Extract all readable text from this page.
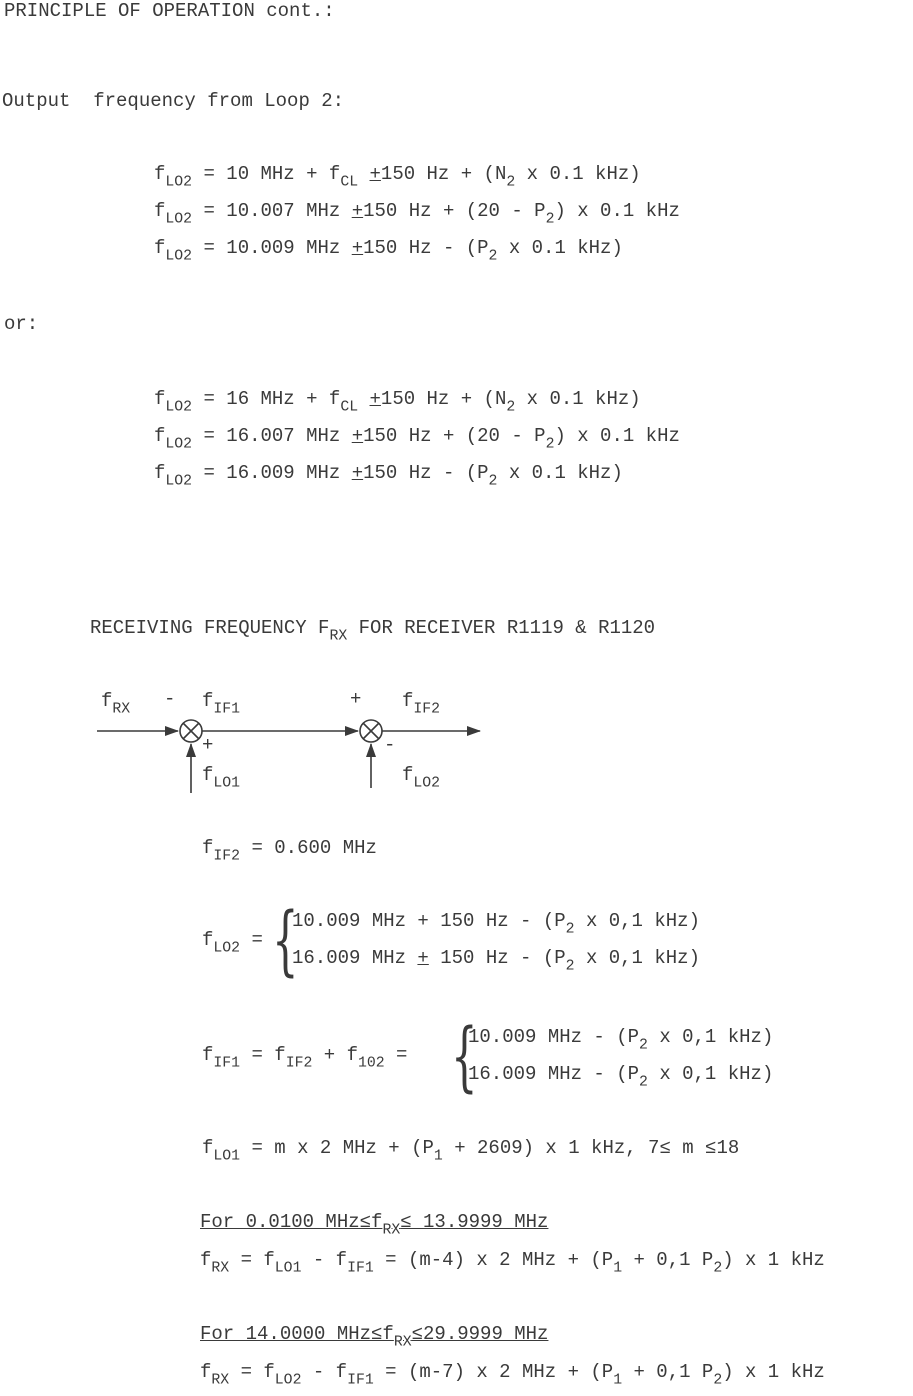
PRINCIPLE OF OPERATION cont.:
Output  frequency from Loop 2:
$f_{LO2} = 10$ MHz + $f_{CL} +150$ $Hz + (N_2$ x 0.1 kHz)
$f_{LO2} = 10.007$ MHz +150 $Hz + (20 - P_2)$ x 0.1 kHz
$f_{LO2} = 10.009$ MHz +150 Hz - ($P_2$ x 0.1 kHz)
or:
$f_{LO2} = 16$ MHz + $f_{CL} +150$ $Hz + (N_2$ x 0.1 kHz)
$f_{LO2} = 16.007$ MHz +150 $Hz + (20 - P_2)$ x 0.1 kHz
$f_{LO2} = 16.009$ MHz +150 Hz - ($P_2$ x 0.1 kHz)
RECEIVING FREQUENCY $F_{RX}$ FOR RECEIVER R1119 & R1120
$f_{RX} - f_{IF1}$	+ $f_{IF2}$
+	-
$f_{LO1}$	$f_{LO2}$
$f_{IF2} = 0.600$ MHz
$f_{LO2}$ = {
10.009 MHz + 150 Hz - ($P_2$ x 0,1 kHz)
16.009 MHz + 150 Hz - ($P_2$ x 0,1 kHz)
$f_{IF1} = f_{IF2} + f_{102}$ = {
10.009 MHz - ($P_2$ x 0,1 kHz)
16.009 MHz - ($P_2$ x 0,1 kHz)
$f_{LO1} = m$ x 2 MHz + $(P_1 + 2609)$ x 1 kHz, 7≤ m ≤18
For 0.0100 $MHz\le f_{RX}\le 13.9999$ MHz
$f_{RX} = f_{LO1} - f_{IF1} = (m-4)$ x 2 MHz + ($P_1 + 0,1$ $P_2$) x 1 kHz
For 14.0000 $MHz\le f_{RX}\le 29.9999$ MHz
$f_{RX} = f_{LO2} - f_{IF1} = (m-7)$ x 2 MHz + ($P_1 + 0,1$ $P_2$) x 1 kHz
